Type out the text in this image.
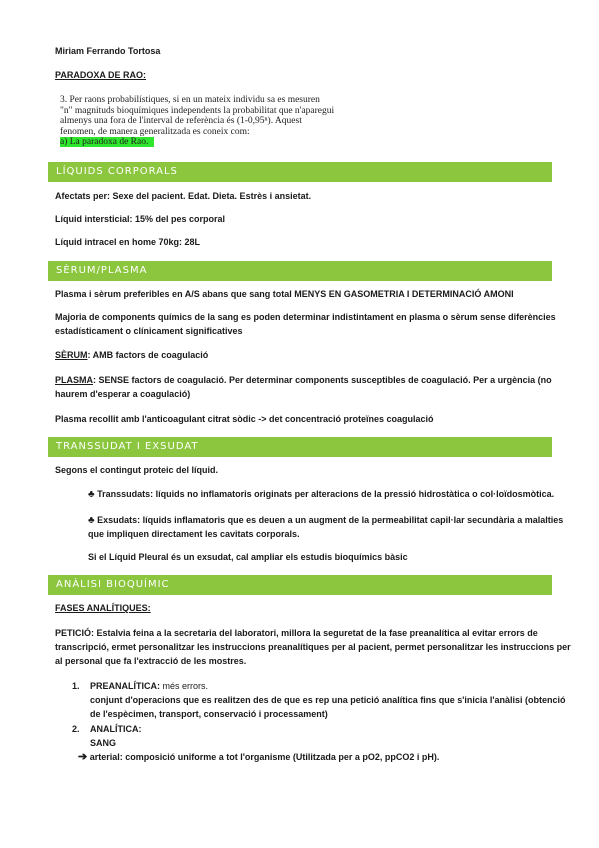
Miriam Ferrando Tortosa
PARADOXA DE RAO:
3. Per raons probabilístiques, si en un mateix individu sa es mesuren
"n" magnituds bioquímiques independents la probabilitat que n'aparegui
almenys una fora de l'interval de referència és (1-0,95ⁿ). Aquest
fenomen, de manera generalitzada es coneix com:
a) La paradoxa de Rao.
LÍQUIDS CORPORALS
Afectats per: Sexe del pacient. Edat. Dieta. Estrès i ansietat.
Líquid intersticial: 15% del pes corporal
Líquid intracel en home 70kg: 28L
SÈRUM/PLASMA
Plasma i sèrum preferibles en A/S abans que sang total MENYS EN GASOMETRIA I DETERMINACIÓ AMONI
Majoria de components químics de la sang es poden determinar indistintament en plasma o sèrum sense diferències
estadísticament o clínicament significatives
SÈRUM: AMB factors de coagulació
PLASMA: SENSE factors de coagulació. Per determinar components susceptibles de coagulació. Per a urgència (no
haurem d'esperar a coagulació)
Plasma recollit amb l'anticoagulant citrat sòdic -> det concentració proteïnes coagulació
TRANSSUDAT I EXSUDAT
Segons el contingut proteic del líquid.
♣ Transsudats: líquids no inflamatoris originats per alteracions de la pressió hidrostàtica o col·loïdosmòtica.
♣ Exsudats: líquids inflamatoris que es deuen a un augment de la permeabilitat capil·lar secundària a malalties
que impliquen directament les cavitats corporals.
Si el Líquid Pleural és un exsudat, cal ampliar els estudis bioquímics bàsic
ANÀLISI BIOQUÍMIC
FASES ANALÍTIQUES:
PETICIÓ: Estalvia feina a la secretaria del laboratori, millora la seguretat de la fase preanalítica al evitar errors de
transcripció, ermet personalitzar les instruccions preanalítiques per al pacient, permet personalitzar les instruccions per
al personal que fa l'extracció de les mostres.
1. PREANALÍTICA: més errors.
conjunt d'operacions que es realitzen des de que es rep una petició analítica fins que s'inicia l'anàlisi (obtenció
de l'espècimen, transport, conservació i processament)
2. ANALÍTICA:
SANG
➔ arterial: composició uniforme a tot l'organisme (Utilitzada per a pO2, ppCO2 i pH).
